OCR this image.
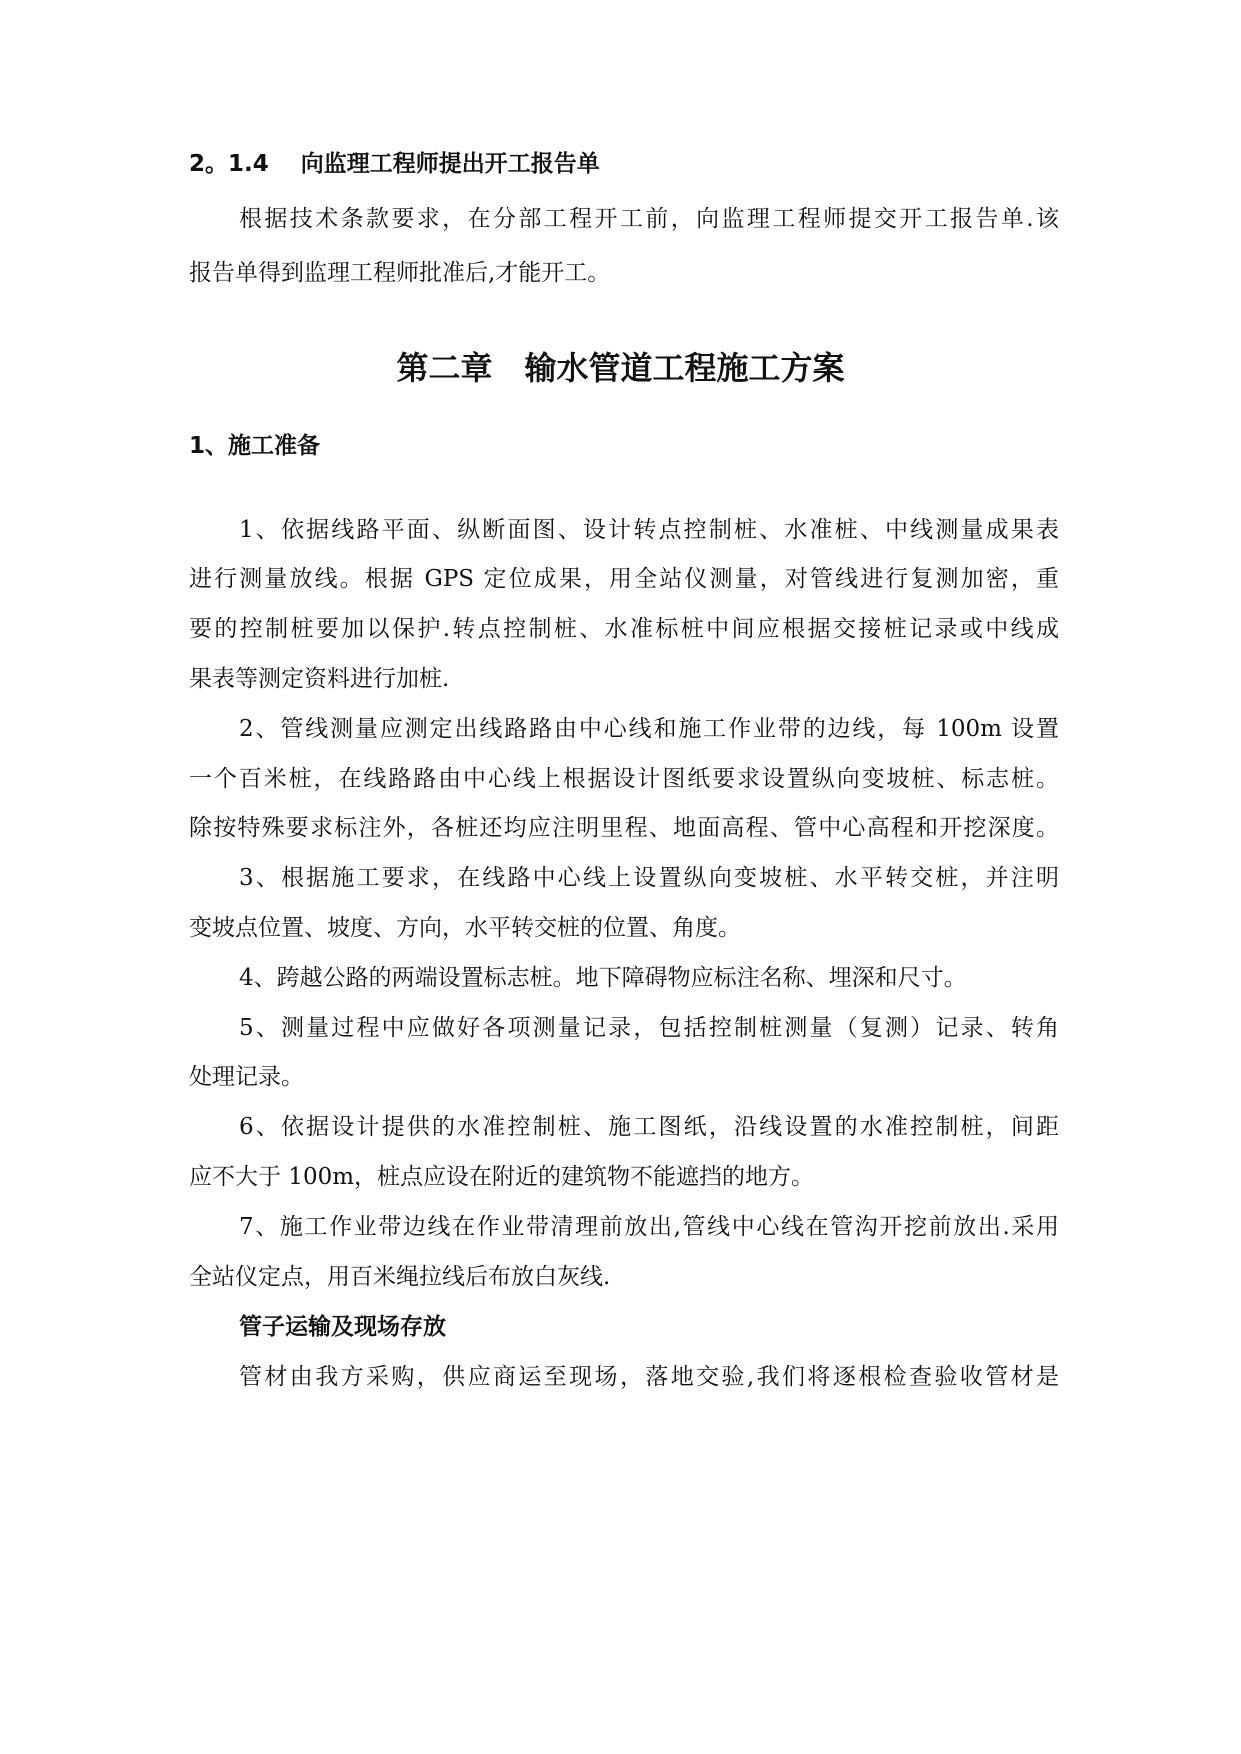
2。1.4 向监理工程师提出开工报告单
根据技术条款要求，在分部工程开工前，向监理工程师提交开工报告单.该
报告单得到监理工程师批准后,才能开工。
第二章　输水管道工程施工方案
1、施工准备
1、依据线路平面、纵断面图、设计转点控制桩、水准桩、中线测量成果表
进行测量放线。根据 GPS 定位成果，用全站仪测量，对管线进行复测加密，重
要的控制桩要加以保护.转点控制桩、水准标桩中间应根据交接桩记录或中线成
果表等测定资料进行加桩.
2、管线测量应测定出线路路由中心线和施工作业带的边线，每 100m 设置
一个百米桩，在线路路由中心线上根据设计图纸要求设置纵向变坡桩、标志桩。
除按特殊要求标注外，各桩还均应注明里程、地面高程、管中心高程和开挖深度。
3、根据施工要求，在线路中心线上设置纵向变坡桩、水平转交桩，并注明
变坡点位置、坡度、方向，水平转交桩的位置、角度。
4、跨越公路的两端设置标志桩。地下障碍物应标注名称、埋深和尺寸。
5、测量过程中应做好各项测量记录，包括控制桩测量（复测）记录、转角
处理记录。
6、依据设计提供的水准控制桩、施工图纸，沿线设置的水准控制桩，间距
应不大于 100m，桩点应设在附近的建筑物不能遮挡的地方。
7、施工作业带边线在作业带清理前放出,管线中心线在管沟开挖前放出.采用
全站仪定点，用百米绳拉线后布放白灰线.
管子运输及现场存放
管材由我方采购，供应商运至现场，落地交验,我们将逐根检查验收管材是
